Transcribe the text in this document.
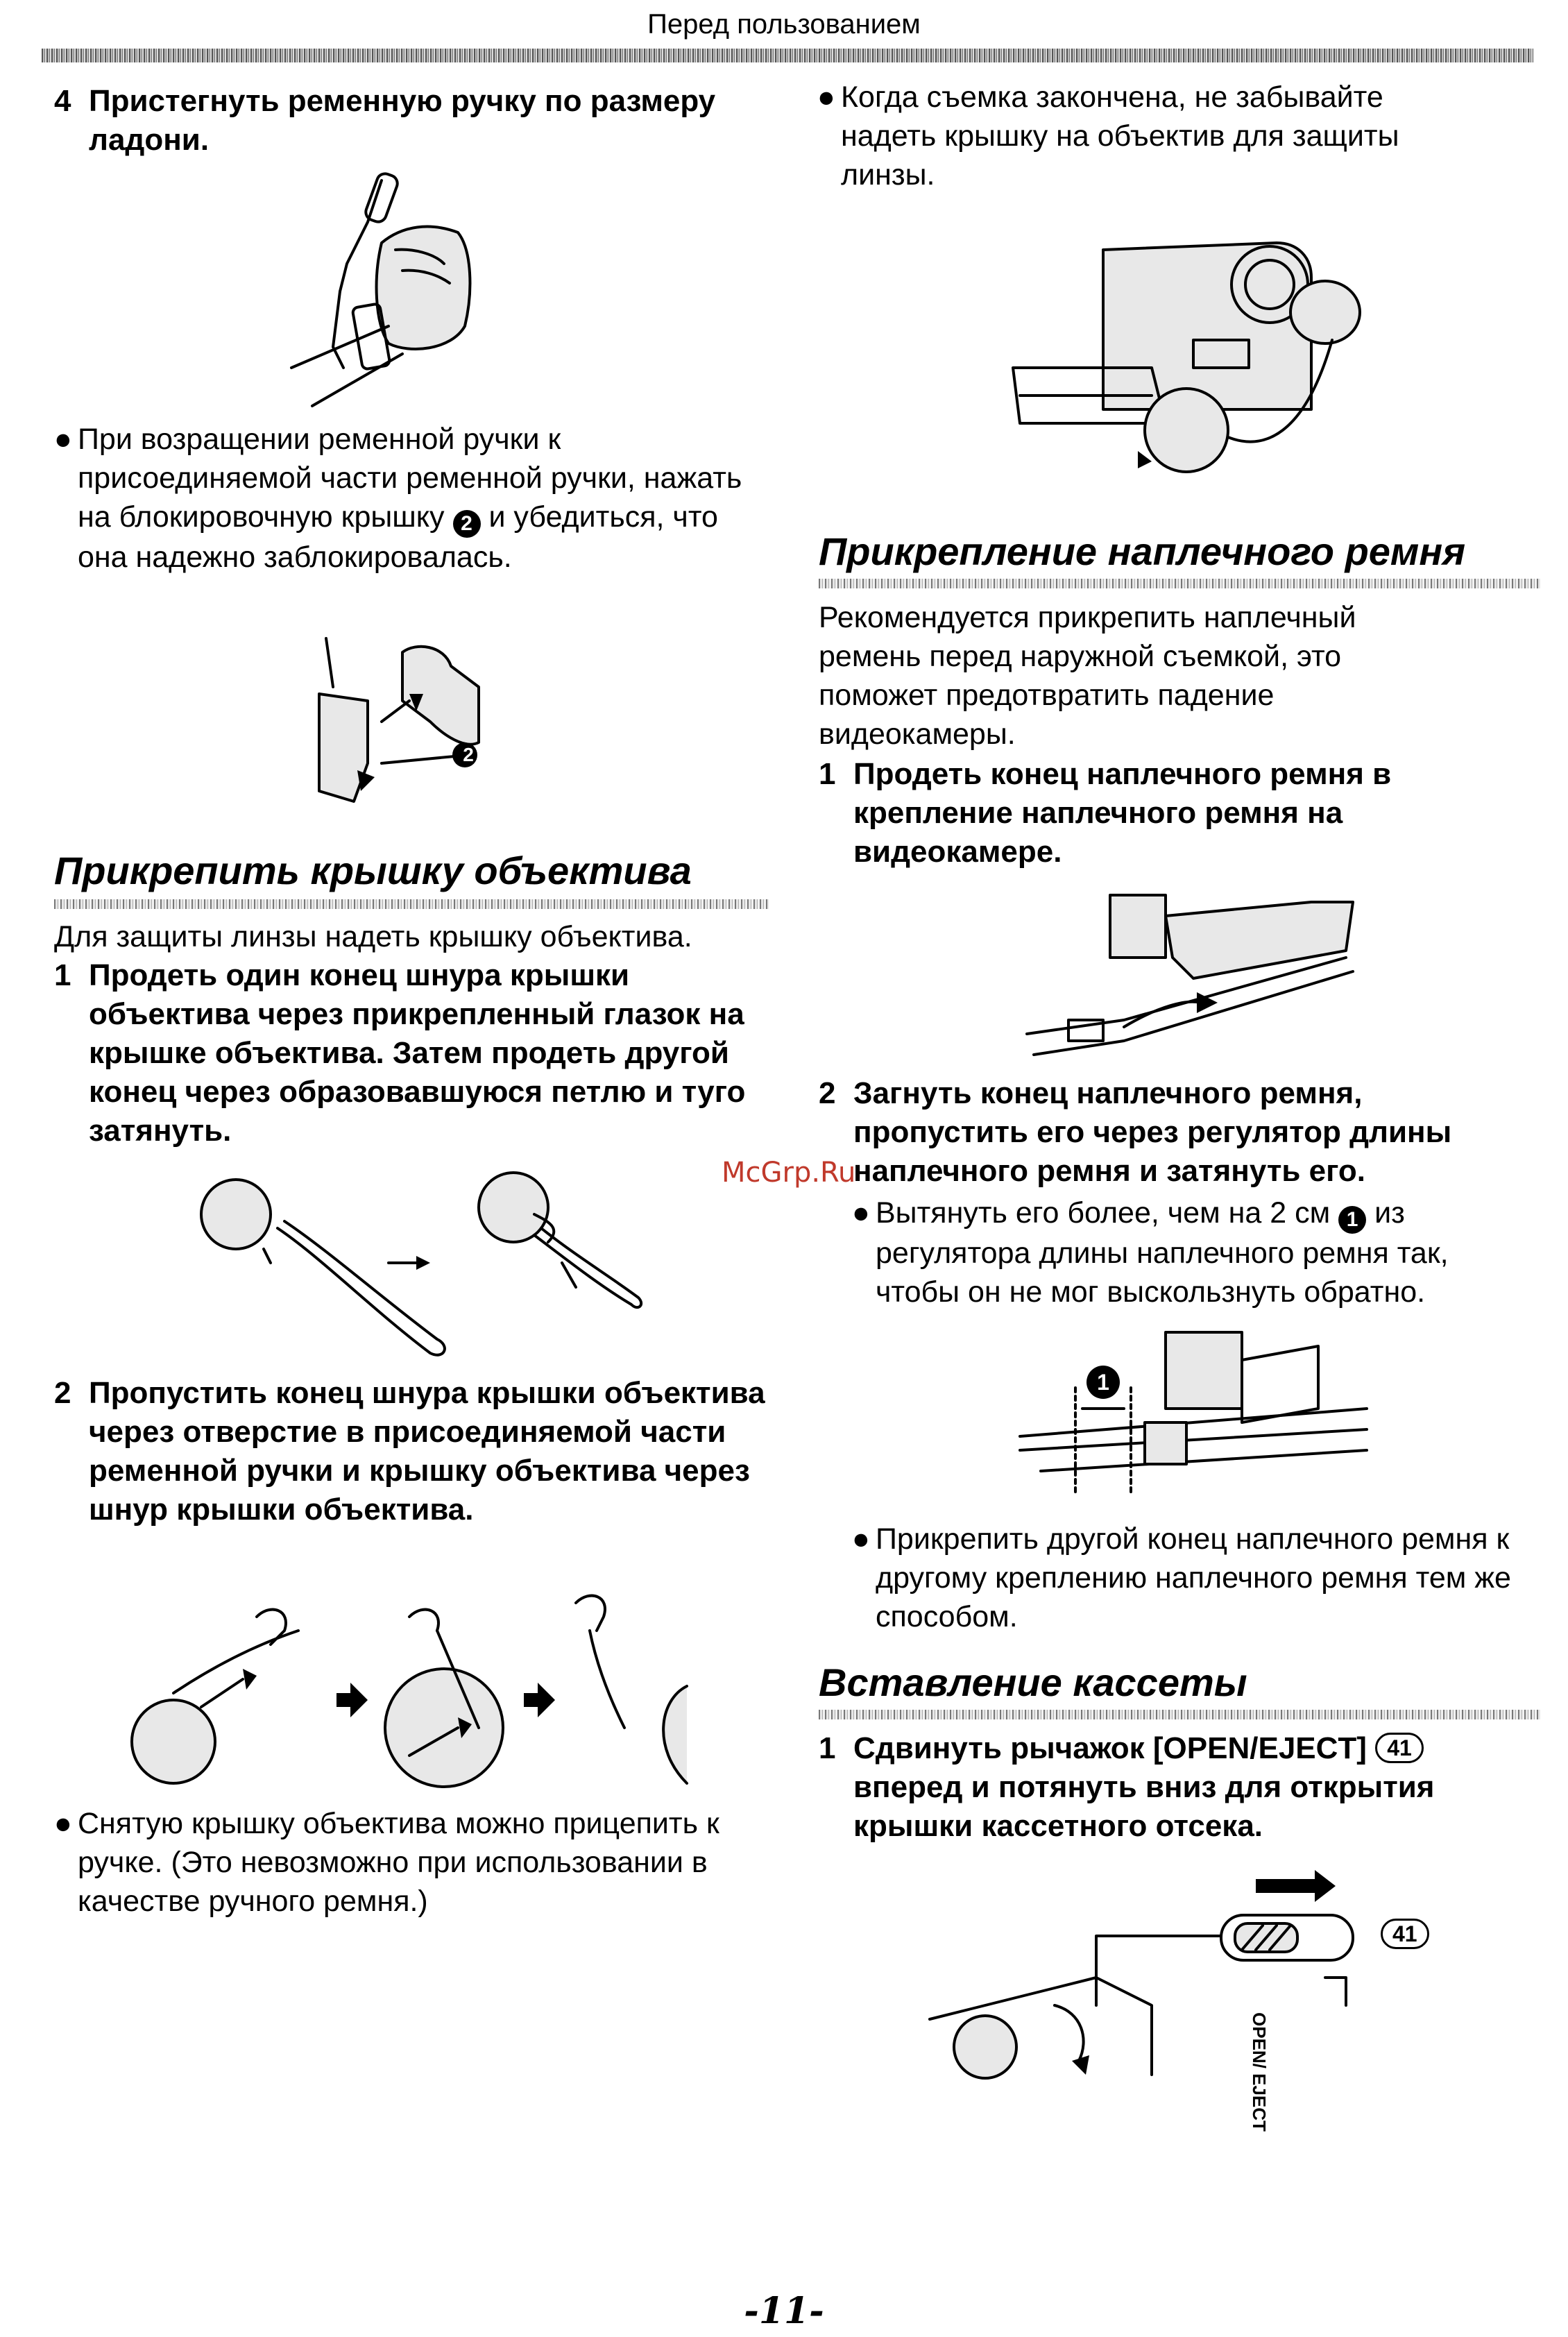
Перед пользованием
4 Пристегнуть ременную ручку по размеру ладони.
● При возращении ременной ручки к присоединяемой части ременной ручки, нажать на блокировочную крышку 2 и убедиться, что она надежно заблокировалась.
2
Прикрепить крышку объектива
Для защиты линзы надеть крышку объектива.
1 Продеть один конец шнура крышки объектива через прикрепленный глазок на крышке объектива. Затем продеть другой конец через образовавшуюся петлю и туго затянуть.
2 Пропустить конец шнура крышки объектива через отверстие в присоединяемой части ременной ручки и крышку объектива через шнур крышки объектива.
● Снятую крышку объектива можно прицепить к ручке. (Это невозможно при использовании в качестве ручного ремня.)
● Когда съемка закончена, не забывайте надеть крышку на объектив для защиты линзы.
Прикрепление наплечного ремня
Рекомендуется прикрепить наплечный ремень перед наружной съемкой, это поможет предотвратить падение видеокамеры.
1 Продеть конец наплечного ремня в крепление наплечного ремня на видеокамере.
2 Загнуть конец наплечного ремня, пропустить его через регулятор длины наплечного ремня и затянуть его.
● Вытянуть его более, чем на 2 см 1 из регулятора длины наплечного ремня так, чтобы он не мог выскользнуть обратно.
1
● Прикрепить другой конец наплечного ремня к другому креплению наплечного ремня тем же способом.
Вставление кассеты
1 Сдвинуть рычажок [OPEN/EJECT] 41 вперед и потянуть вниз для открытия крышки кассетного отсека.
41
OPEN/ EJECT
McGrp.Ru
-11-
